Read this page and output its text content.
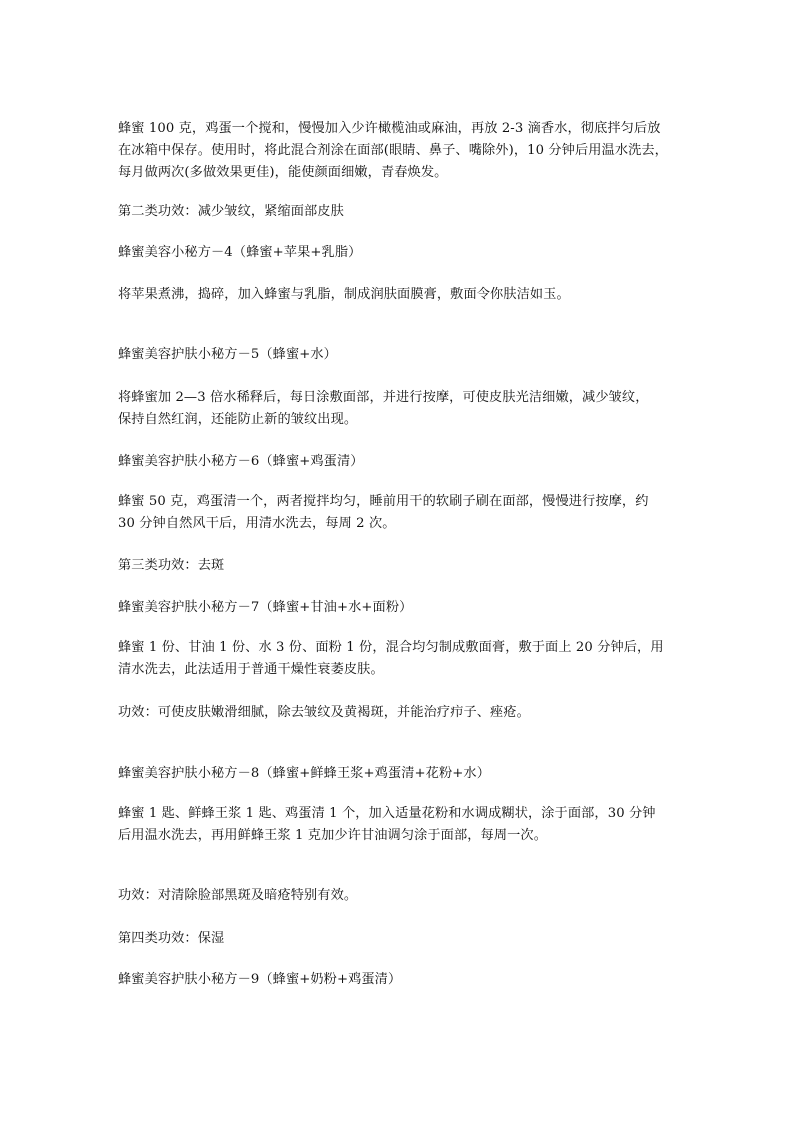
蜂蜜 100 克，鸡蛋一个搅和，慢慢加入少许橄榄油或麻油，再放 2-3 滴香水，彻底拌匀后放
在冰箱中保存。使用时，将此混合剂涂在面部(眼睛、鼻子、嘴除外)，10 分钟后用温水洗去，
每月做两次(多做效果更佳)，能使颜面细嫩，青春焕发。
第二类功效：减少皱纹，紧缩面部皮肤
蜂蜜美容小秘方－4（蜂蜜+苹果+乳脂）
将苹果煮沸，捣碎，加入蜂蜜与乳脂，制成润肤面膜膏，敷面令你肤洁如玉。
蜂蜜美容护肤小秘方－5（蜂蜜+水）
将蜂蜜加 2—3 倍水稀释后，每日涂敷面部，并进行按摩，可使皮肤光洁细嫩，减少皱纹，
保持自然红润，还能防止新的皱纹出现。
蜂蜜美容护肤小秘方－6（蜂蜜+鸡蛋清）
蜂蜜 50 克，鸡蛋清一个，两者搅拌均匀，睡前用干的软刷子刷在面部，慢慢进行按摩，约
30 分钟自然风干后，用清水洗去，每周 2 次。
第三类功效：去斑
蜂蜜美容护肤小秘方－7（蜂蜜+甘油+水+面粉）
蜂蜜 1 份、甘油 1 份、水 3 份、面粉 1 份，混合均匀制成敷面膏，敷于面上 20 分钟后，用
清水洗去，此法适用于普通干燥性衰萎皮肤。
功效：可使皮肤嫩滑细腻，除去皱纹及黄褐斑，并能治疗疖子、痤疮。
蜂蜜美容护肤小秘方－8（蜂蜜+鲜蜂王浆+鸡蛋清+花粉+水）
蜂蜜 1 匙、鲜蜂王浆 1 匙、鸡蛋清 1 个，加入适量花粉和水调成糊状，涂于面部，30 分钟
后用温水洗去，再用鲜蜂王浆 1 克加少许甘油调匀涂于面部，每周一次。
功效：对清除脸部黑斑及暗疮特别有效。
第四类功效：保湿
蜂蜜美容护肤小秘方－9（蜂蜜+奶粉+鸡蛋清）
